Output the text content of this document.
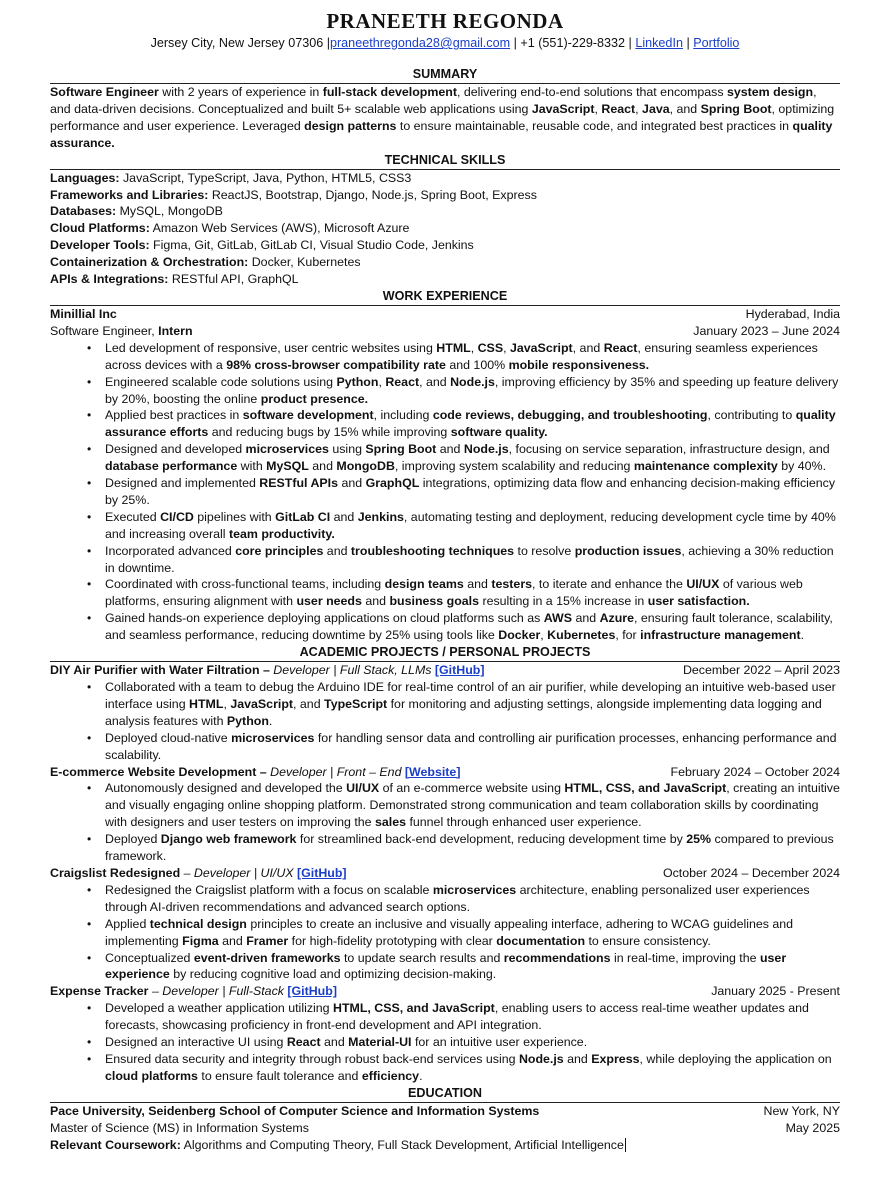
PRANEETH REGONDA
Jersey City, New Jersey 07306 |praneethregonda28@gmail.com | +1 (551)-229-8332 | LinkedIn | Portfolio
SUMMARY
Software Engineer with 2 years of experience in full-stack development, delivering end-to-end solutions that encompass system design, and data-driven decisions. Conceptualized and built 5+ scalable web applications using JavaScript, React, Java, and Spring Boot, optimizing performance and user experience. Leveraged design patterns to ensure maintainable, reusable code, and integrated best practices in quality assurance.
TECHNICAL SKILLS
Languages: JavaScript, TypeScript, Java, Python, HTML5, CSS3
Frameworks and Libraries: ReactJS, Bootstrap, Django, Node.js, Spring Boot, Express
Databases: MySQL, MongoDB
Cloud Platforms: Amazon Web Services (AWS), Microsoft Azure
Developer Tools: Figma, Git, GitLab, GitLab CI, Visual Studio Code, Jenkins
Containerization & Orchestration: Docker, Kubernetes
APIs & Integrations: RESTful API, GraphQL
WORK EXPERIENCE
Minillial Inc	Hyderabad, India
Software Engineer, Intern	January 2023 – June 2024
• Led development of responsive, user centric websites using HTML, CSS, JavaScript, and React, ensuring seamless experiences across devices with a 98% cross-browser compatibility rate and 100% mobile responsiveness.
• Engineered scalable code solutions using Python, React, and Node.js, improving efficiency by 35% and speeding up feature delivery by 20%, boosting the online product presence.
• Applied best practices in software development, including code reviews, debugging, and troubleshooting, contributing to quality assurance efforts and reducing bugs by 15% while improving software quality.
• Designed and developed microservices using Spring Boot and Node.js, focusing on service separation, infrastructure design, and database performance with MySQL and MongoDB, improving system scalability and reducing maintenance complexity by 40%.
• Designed and implemented RESTful APIs and GraphQL integrations, optimizing data flow and enhancing decision-making efficiency by 25%.
• Executed CI/CD pipelines with GitLab CI and Jenkins, automating testing and deployment, reducing development cycle time by 40% and increasing overall team productivity.
• Incorporated advanced core principles and troubleshooting techniques to resolve production issues, achieving a 30% reduction in downtime.
• Coordinated with cross-functional teams, including design teams and testers, to iterate and enhance the UI/UX of various web platforms, ensuring alignment with user needs and business goals resulting in a 15% increase in user satisfaction.
• Gained hands-on experience deploying applications on cloud platforms such as AWS and Azure, ensuring fault tolerance, scalability, and seamless performance, reducing downtime by 25% using tools like Docker, Kubernetes, for infrastructure management.
ACADEMIC PROJECTS / PERSONAL PROJECTS
DIY Air Purifier with Water Filtration – Developer | Full Stack, LLMs [GitHub]	December 2022 – April 2023
• Collaborated with a team to debug the Arduino IDE for real-time control of an air purifier, while developing an intuitive web-based user interface using HTML, JavaScript, and TypeScript for monitoring and adjusting settings, alongside implementing data logging and analysis features with Python.
• Deployed cloud-native microservices for handling sensor data and controlling air purification processes, enhancing performance and scalability.
E-commerce Website Development – Developer | Front – End [Website]	February 2024 – October 2024
• Autonomously designed and developed the UI/UX of an e-commerce website using HTML, CSS, and JavaScript, creating an intuitive and visually engaging online shopping platform. Demonstrated strong communication and team collaboration skills by coordinating with designers and user testers on improving the sales funnel through enhanced user experience.
• Deployed Django web framework for streamlined back-end development, reducing development time by 25% compared to previous framework.
Craigslist Redesigned – Developer | UI/UX [GitHub]	October 2024 – December 2024
• Redesigned the Craigslist platform with a focus on scalable microservices architecture, enabling personalized user experiences through AI-driven recommendations and advanced search options.
• Applied technical design principles to create an inclusive and visually appealing interface, adhering to WCAG guidelines and implementing Figma and Framer for high-fidelity prototyping with clear documentation to ensure consistency.
• Conceptualized event-driven frameworks to update search results and recommendations in real-time, improving the user experience by reducing cognitive load and optimizing decision-making.
Expense Tracker – Developer | Full-Stack [GitHub]	January 2025 - Present
• Developed a weather application utilizing HTML, CSS, and JavaScript, enabling users to access real-time weather updates and forecasts, showcasing proficiency in front-end development and API integration.
• Designed an interactive UI using React and Material-UI for an intuitive user experience.
• Ensured data security and integrity through robust back-end services using Node.js and Express, while deploying the application on cloud platforms to ensure fault tolerance and efficiency.
EDUCATION
Pace University, Seidenberg School of Computer Science and Information Systems	New York, NY
Master of Science (MS) in Information Systems	May 2025
Relevant Coursework: Algorithms and Computing Theory, Full Stack Development, Artificial Intelligence
